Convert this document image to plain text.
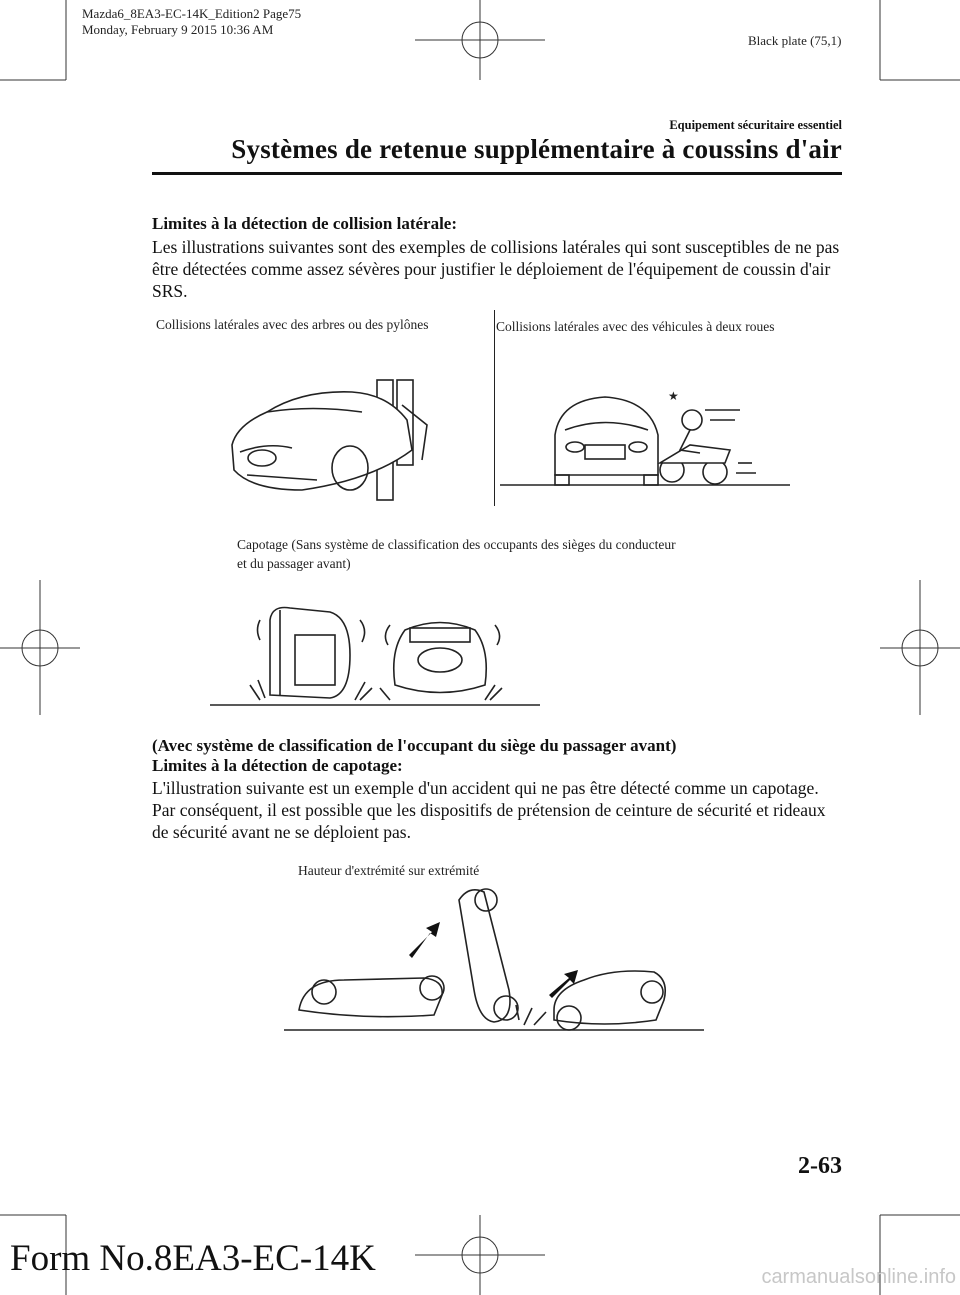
Mazda6_8EA3-EC-14K_Edition2 Page75
Monday, February 9 2015 10:36 AM
Black plate (75,1)
Equipement sécuritaire essentiel
Systèmes de retenue supplémentaire à coussins d'air
Limites à la détection de collision latérale:
Les illustrations suivantes sont des exemples de collisions latérales qui sont susceptibles de ne pas être détectées comme assez sévères pour justifier le déploiement de l'équipement de coussin d'air SRS.
Collisions latérales avec des arbres ou des pylônes	Collisions latérales avec des véhicules à deux roues
★
Capotage (Sans système de classification des occupants des sièges du conducteur
et du passager avant)
(Avec système de classification de l'occupant du siège du passager avant)
Limites à la détection de capotage:
L'illustration suivante est un exemple d'un accident qui ne pas être détecté comme un capotage. Par conséquent, il est possible que les dispositifs de prétension de ceinture de sécurité et rideaux de sécurité avant ne se déploient pas.
Hauteur d'extrémité sur extrémité
2-63
Form No.8EA3-EC-14K	carmanualsonline.info
